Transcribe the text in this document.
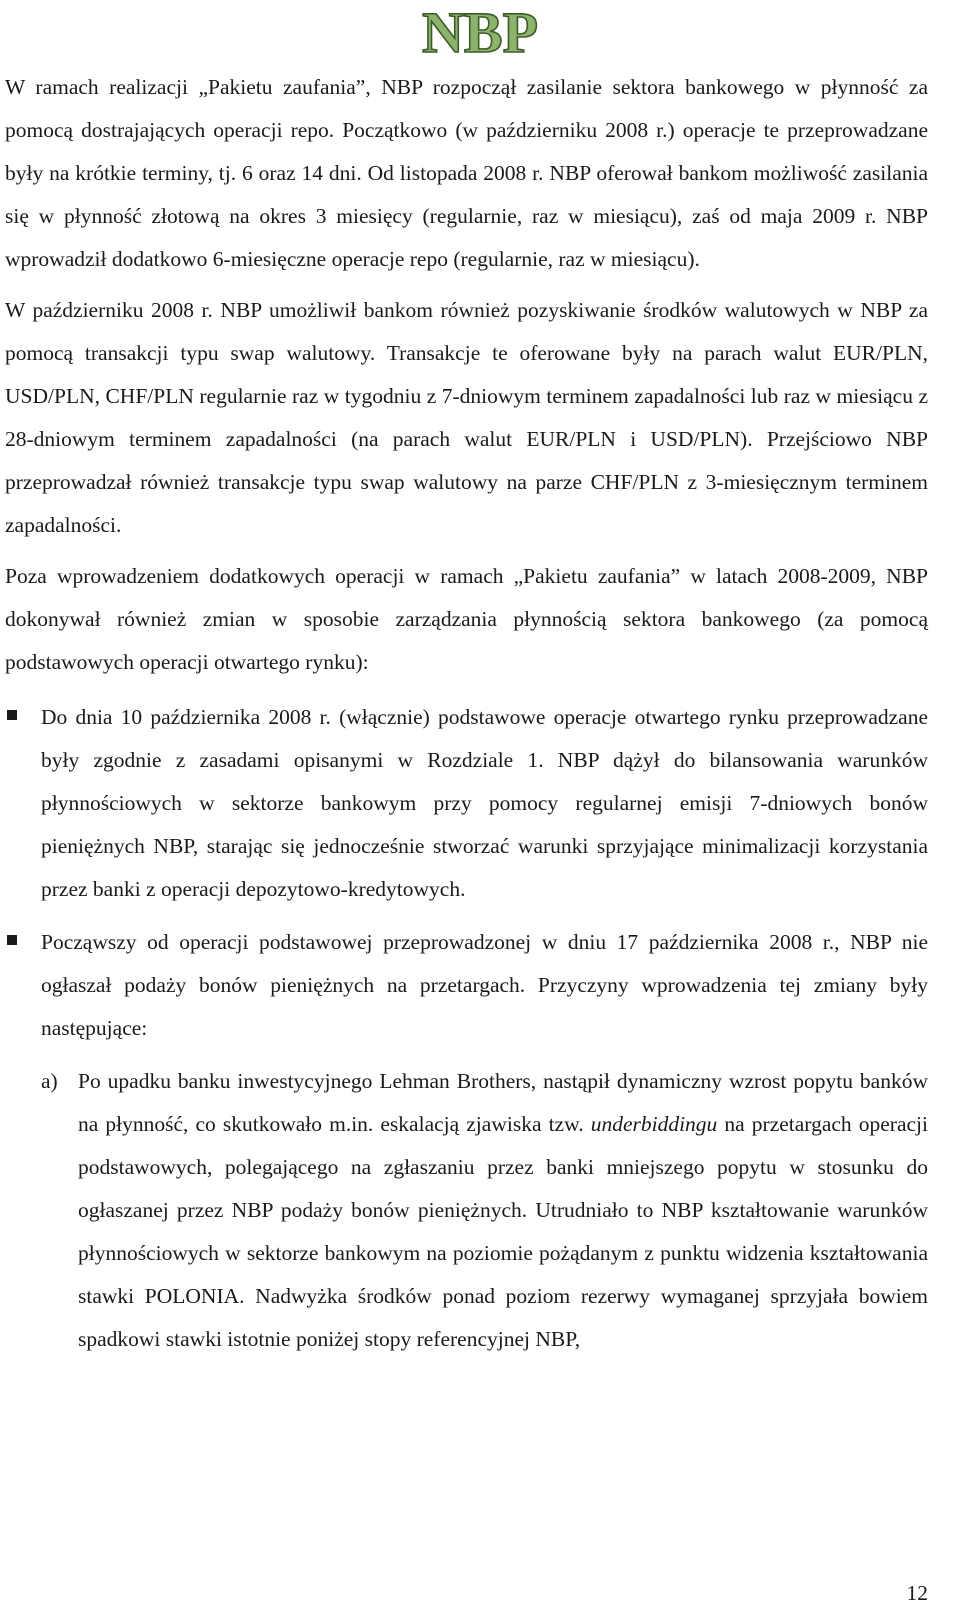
NBP

W ramach realizacji „Pakietu zaufania”, NBP rozpoczął zasilanie sektora bankowego w płynność za pomocą dostrajających operacji repo. Początkowo (w październiku 2008 r.) operacje te przeprowadzane były na krótkie terminy, tj. 6 oraz 14 dni. Od listopada 2008 r. NBP oferował bankom możliwość zasilania się w płynność złotową na okres 3 miesięcy (regularnie, raz w miesiącu), zaś od maja 2009 r. NBP wprowadził dodatkowo 6-miesięczne operacje repo (regularnie, raz w miesiącu).

W październiku 2008 r. NBP umożliwił bankom również pozyskiwanie środków walutowych w NBP za pomocą transakcji typu swap walutowy. Transakcje te oferowane były na parach walut EUR/PLN, USD/PLN, CHF/PLN regularnie raz w tygodniu z 7-dniowym terminem zapadalności lub raz w miesiącu z 28-dniowym terminem zapadalności (na parach walut EUR/PLN i USD/PLN). Przejściowo NBP przeprowadzał również transakcje typu swap walutowy na parze CHF/PLN z 3-miesięcznym terminem zapadalności.

Poza wprowadzeniem dodatkowych operacji w ramach „Pakietu zaufania” w latach 2008-2009, NBP dokonywał również zmian w sposobie zarządzania płynnością sektora bankowego (za pomocą podstawowych operacji otwartego rynku):

Do dnia 10 października 2008 r. (włącznie) podstawowe operacje otwartego rynku przeprowadzane były zgodnie z zasadami opisanymi w Rozdziale 1. NBP dążył do bilansowania warunków płynnościowych w sektorze bankowym przy pomocy regularnej emisji 7-dniowych bonów pieniężnych NBP, starając się jednocześnie stworzać warunki sprzyjające minimalizacji korzystania przez banki z operacji depozytowo-kredytowych.

Począwszy od operacji podstawowej przeprowadzonej w dniu 17 października 2008 r., NBP nie ogłaszał podaży bonów pieniężnych na przetargach. Przyczyny wprowadzenia tej zmiany były następujące:

a) Po upadku banku inwestycyjnego Lehman Brothers, nastąpił dynamiczny wzrost popytu banków na płynność, co skutkowało m.in. eskalacją zjawiska tzw. underbiddingu na przetargach operacji podstawowych, polegającego na zgłaszaniu przez banki mniejszego popytu w stosunku do ogłaszanej przez NBP podaży bonów pieniężnych. Utrudniało to NBP kształtowanie warunków płynnościowych w sektorze bankowym na poziomie pożądanym z punktu widzenia kształtowania stawki POLONIA. Nadwyżka środków ponad poziom rezerwy wymaganej sprzyjała bowiem spadkowi stawki istotnie poniżej stopy referencyjnej NBP,

12
